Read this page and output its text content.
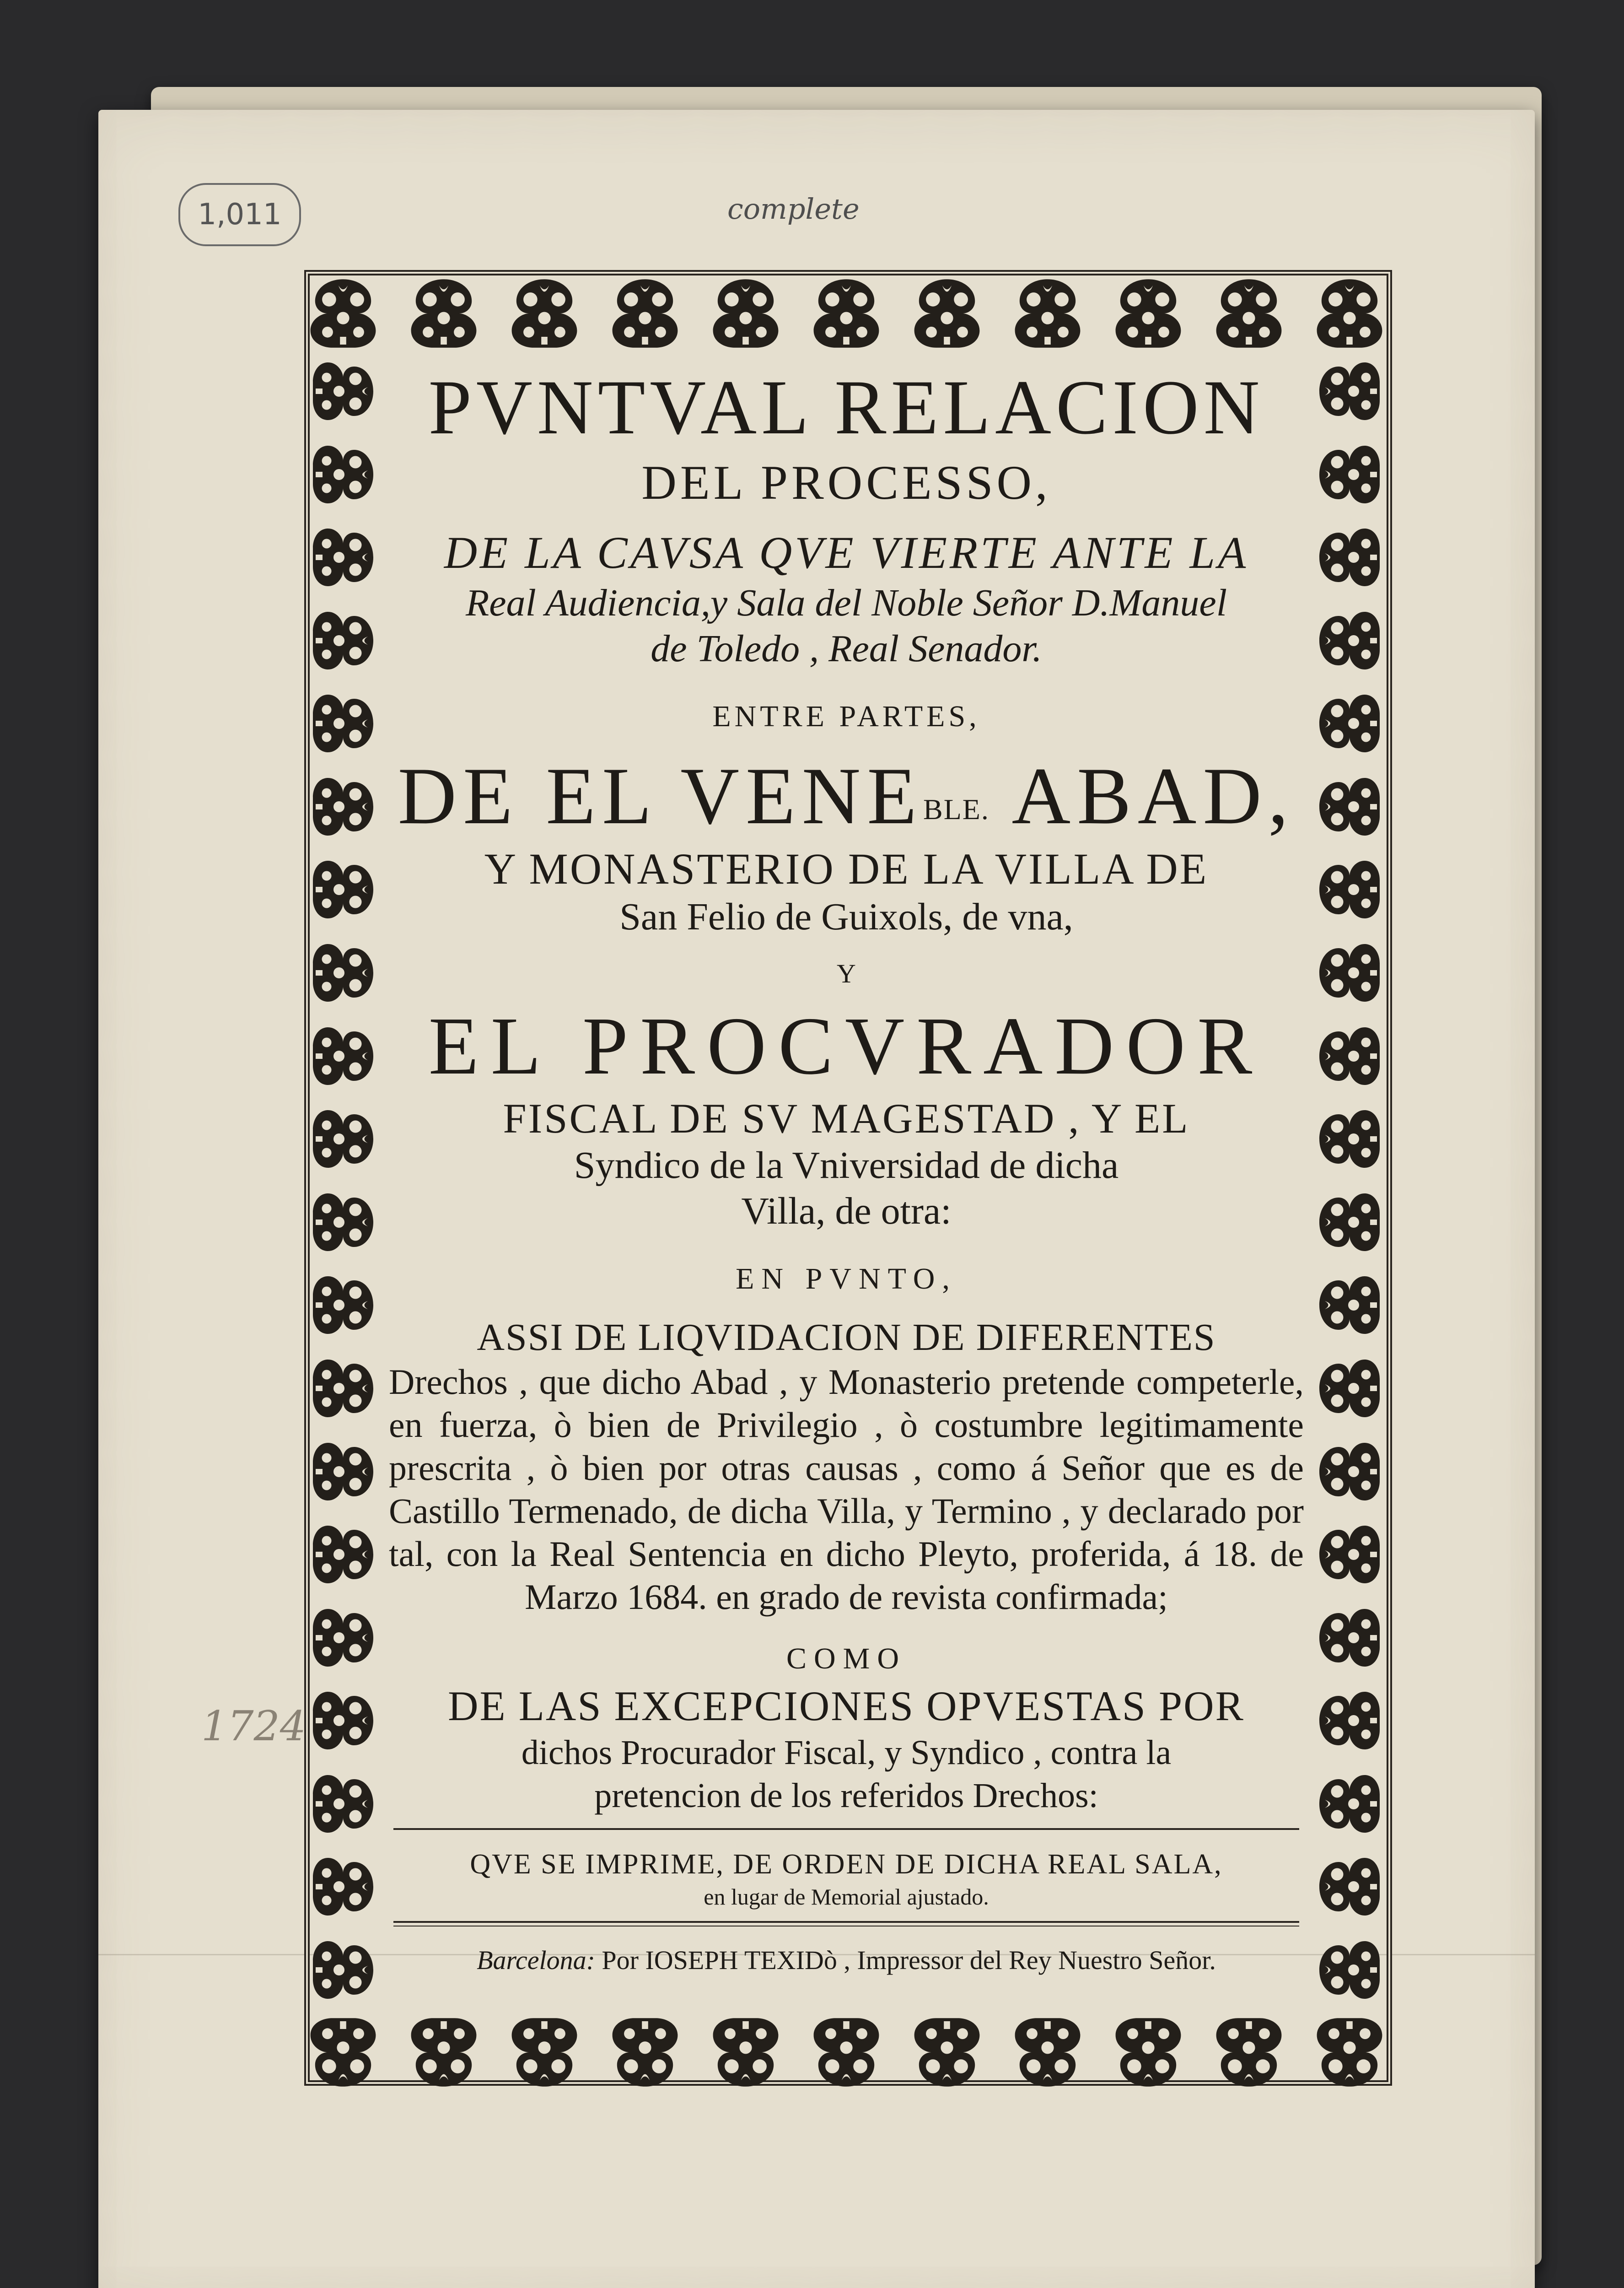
1,011	complete
1724
PVNTVAL RELACION
DEL PROCESSO,
DE LA CAVSA QVE VIERTE ANTE LA
Real Audiencia,y Sala del Noble Señor D.Manuel
de Toledo , Real Senador.
ENTRE PARTES,
DE EL $VENE^{BLE.}$ ABAD,
Y MONASTERIO DE LA VILLA DE
San Felio de Guixols, de vna,
Y
EL PROCVRADOR
FISCAL DE SV MAGESTAD , Y EL
Syndico de la Vniversidad de dicha
Villa, de otra:
EN PVNTO,
ASSI DE LIQVIDACION DE DIFERENTES
Drechos , que dicho Abad , y Monasterio pretende competerle, en fuerza, ò bien de Privilegio , ò costumbre legitimamente prescrita , ò bien por otras causas , como á Señor que es de Castillo Termenado, de dicha Villa, y Termino , y declarado por tal, con la Real Sentencia en dicho Pleyto, proferida, á 18. de Marzo 1684. en grado de revista confirmada;
COMO
DE LAS EXCEPCIONES OPVESTAS POR
dichos Procurador Fiscal, y Syndico , contra la
pretencion de los referidos Drechos:
QVE SE IMPRIME, DE ORDEN DE DICHA REAL SALA,
en lugar de Memorial ajustado.
Barcelona: Por IOSEPH TEXIDò , Impressor del Rey Nuestro Señor.
